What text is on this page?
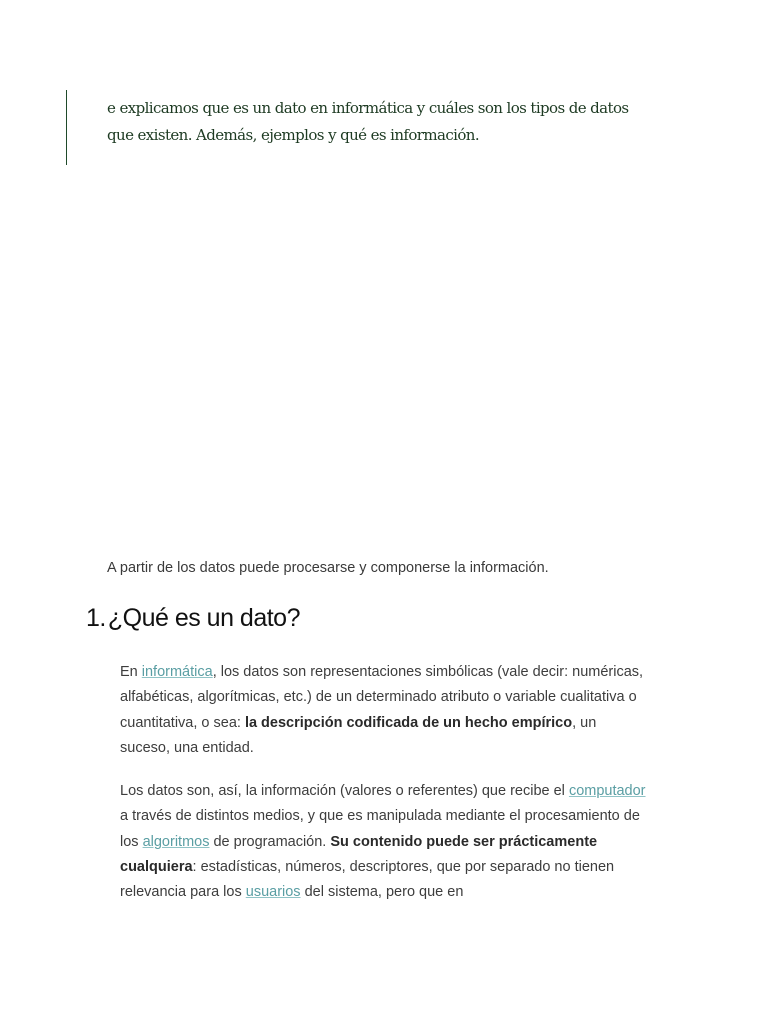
e explicamos que es un dato en informática y cuáles son los tipos de datos que existen. Además, ejemplos y qué es información.

A partir de los datos puede procesarse y componerse la información.

1.¿Qué es un dato?

En informática, los datos son representaciones simbólicas (vale decir: numéricas, alfabéticas, algorítmicas, etc.) de un determinado atributo o variable cualitativa o cuantitativa, o sea: la descripción codificada de un hecho empírico, un suceso, una entidad.

Los datos son, así, la información (valores o referentes) que recibe el computador a través de distintos medios, y que es manipulada mediante el procesamiento de los algoritmos de programación. Su contenido puede ser prácticamente cualquiera: estadísticas, números, descriptores, que por separado no tienen relevancia para los usuarios del sistema, pero que en
